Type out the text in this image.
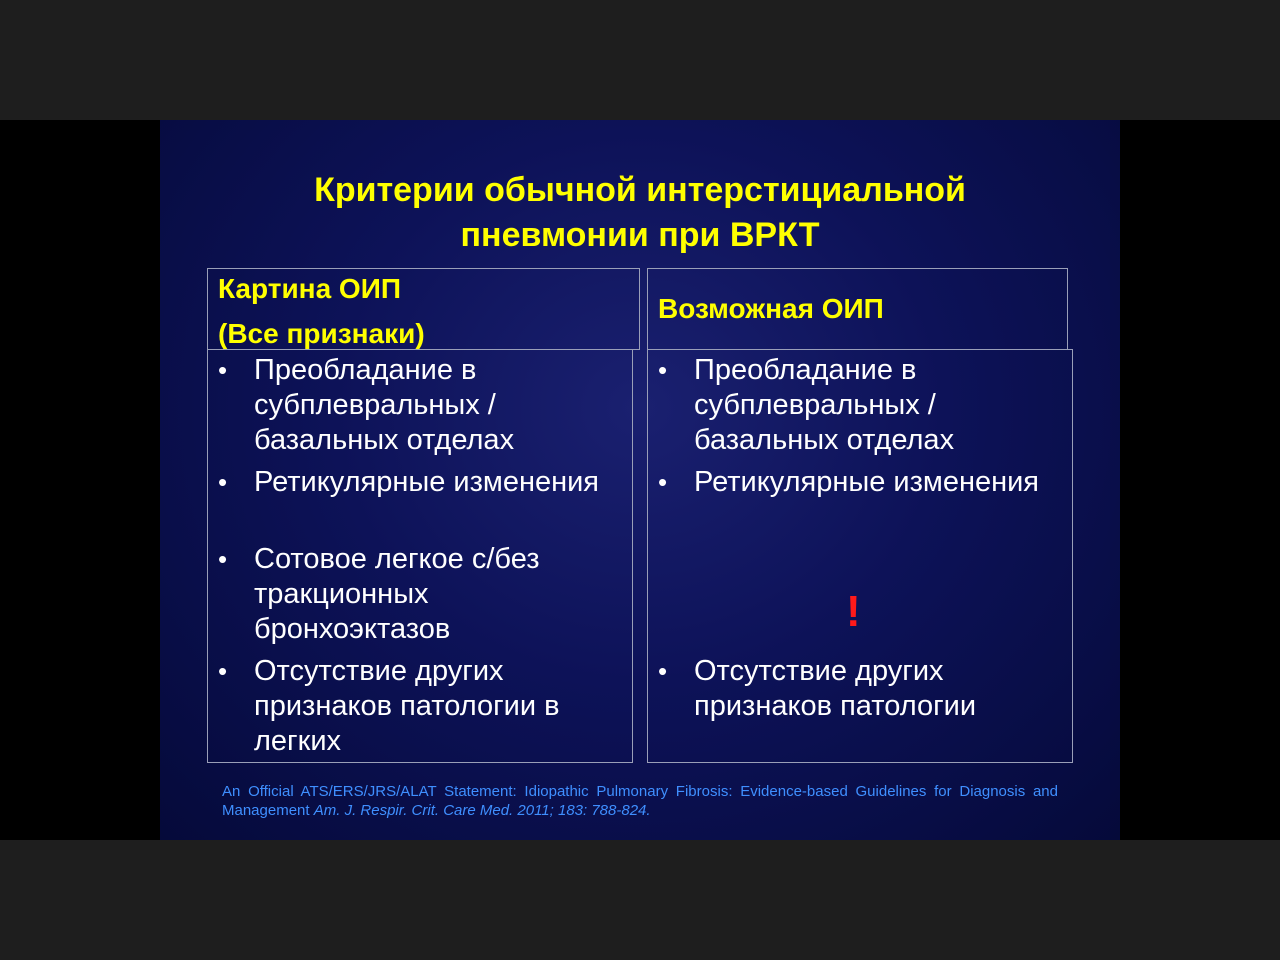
Критерии обычной интерстициальной
пневмонии при ВРКТ
Картина ОИП
(Все признаки)
Возможная ОИП
• Преобладание в субплевральных / базальных отделах
• Ретикулярные изменения
• Сотовое легкое с/без тракционных бронхоэктазов
• Отсутствие других признаков патологии в легких
• Преобладание в субплевральных / базальных отделах
• Ретикулярные изменения
• Отсутствие других признаков патологии
!
An Official ATS/ERS/JRS/ALAT Statement: Idiopathic Pulmonary Fibrosis: Evidence-based Guidelines for Diagnosis and Management Am. J. Respir. Crit. Care Med. 2011; 183: 788-824.
